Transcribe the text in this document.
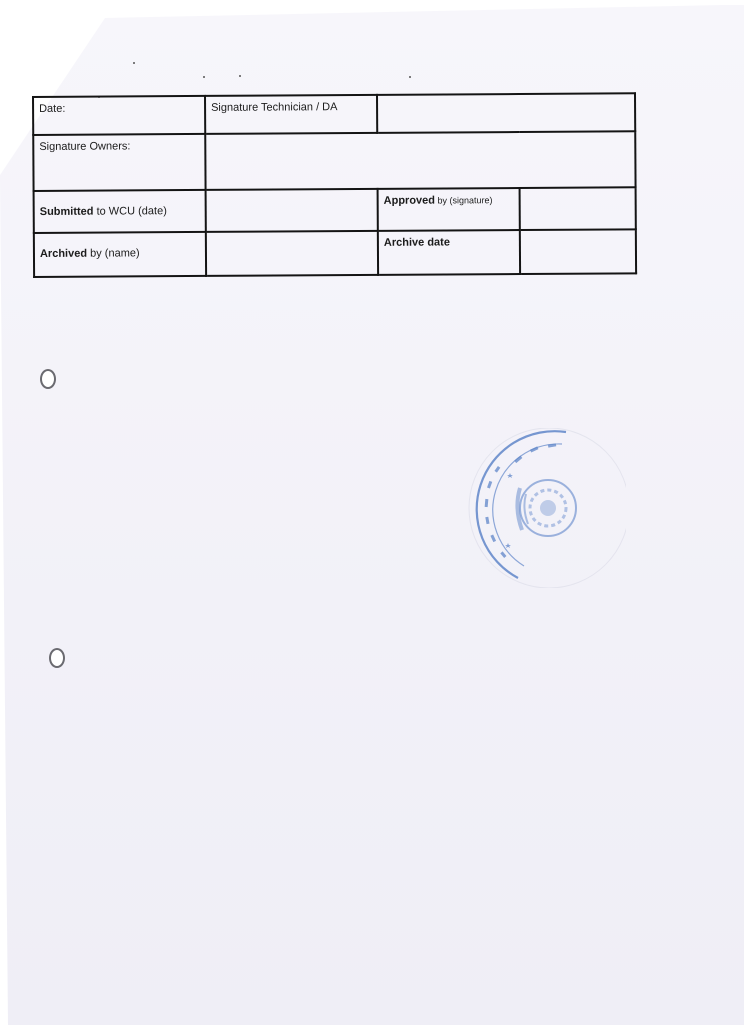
Date:	Signature Technician / DA		
Signature Owners:			
Submitted to WCU (date)		Approved by (signature)	
Archived by (name)		Archive date	
